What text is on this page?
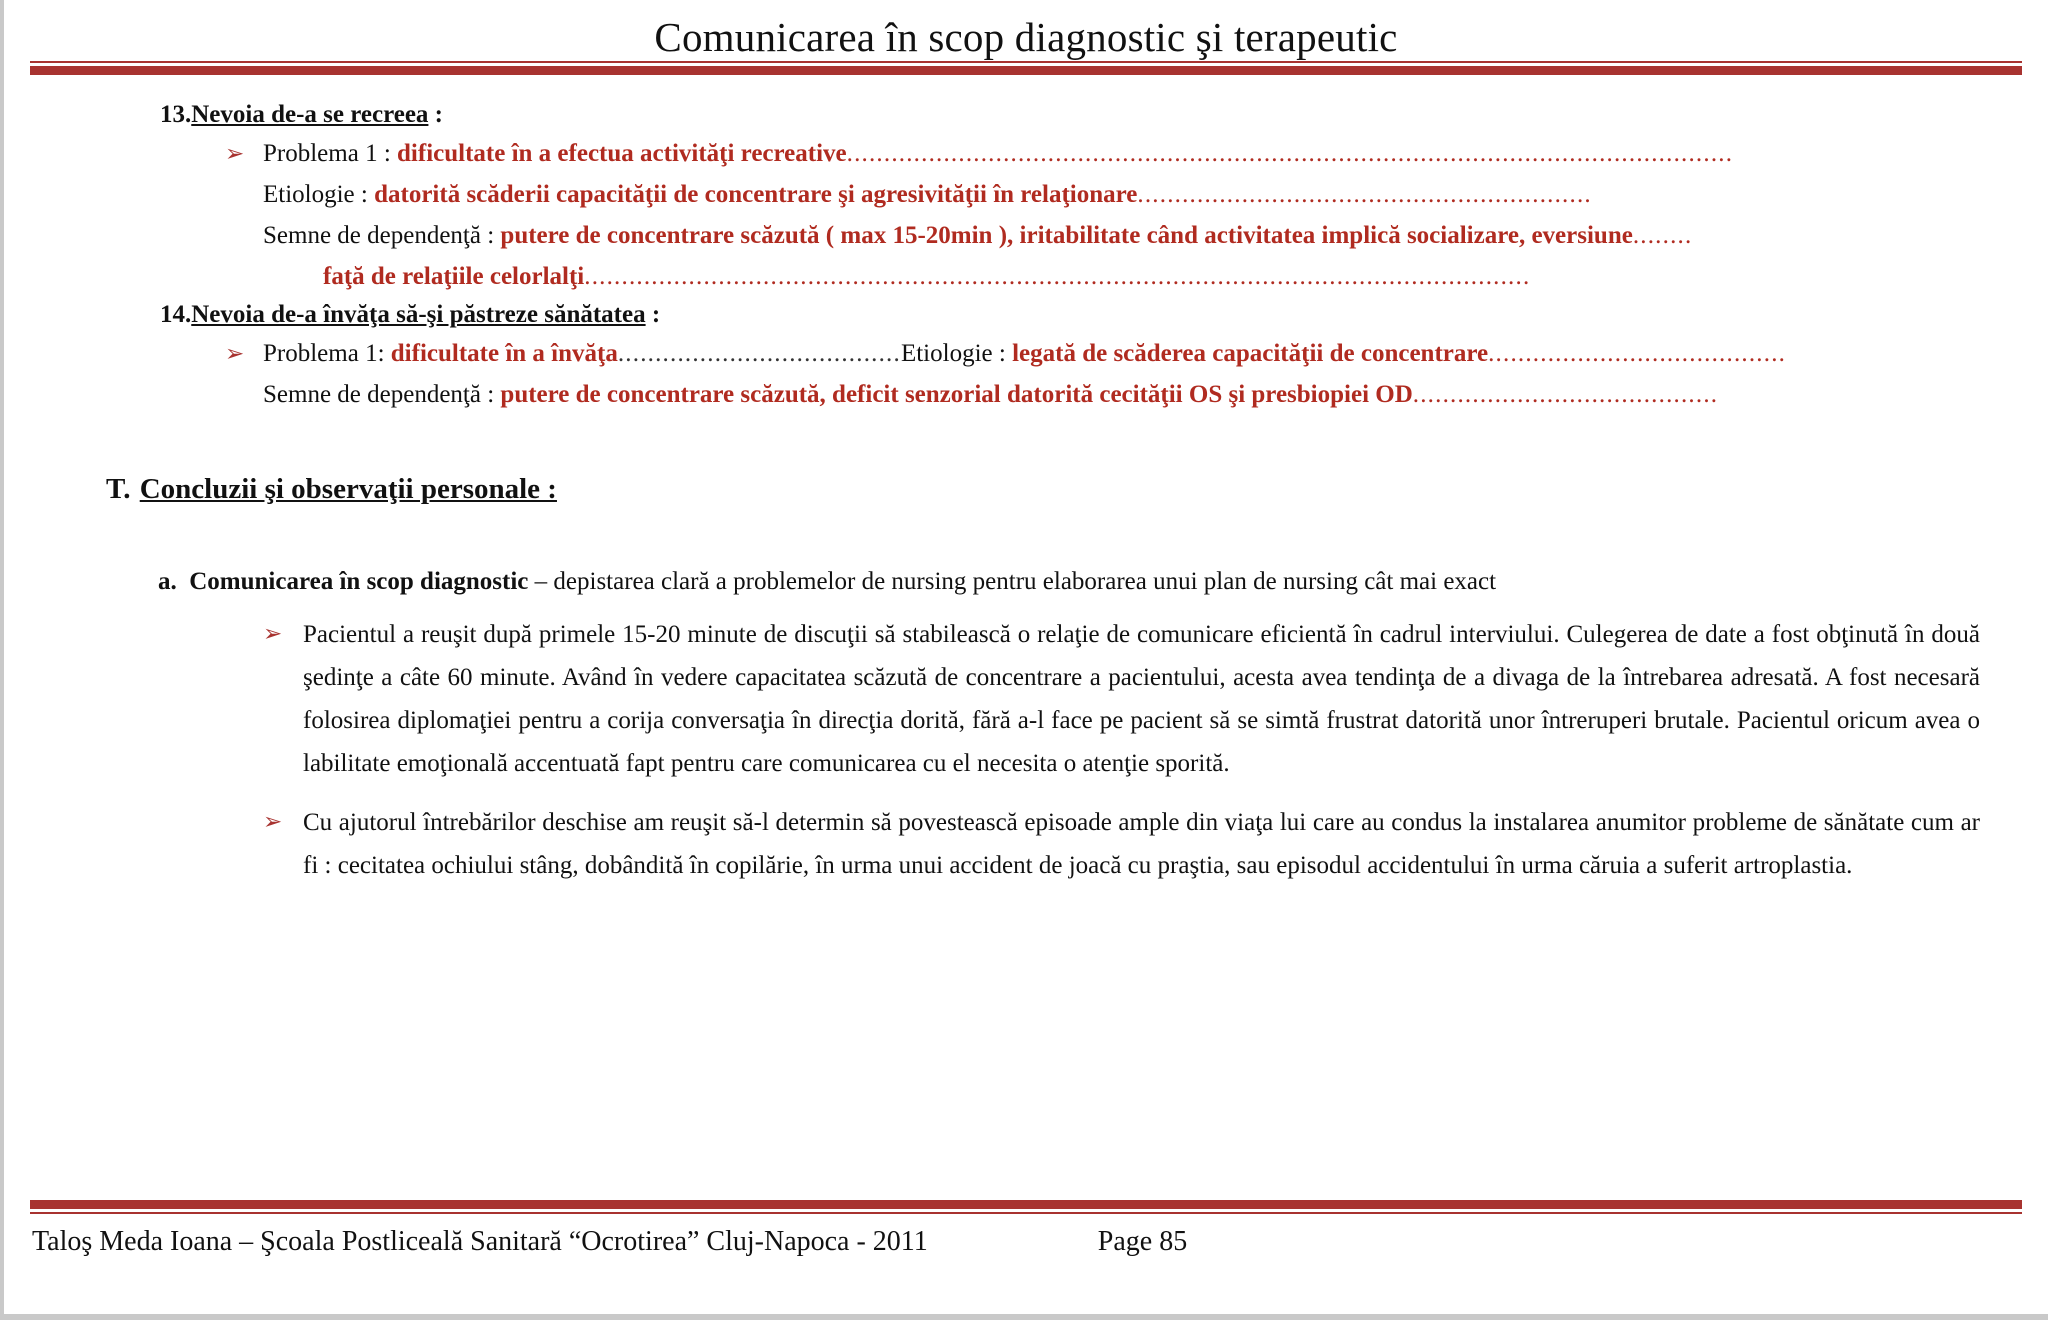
Comunicarea în scop diagnostic şi terapeutic
13.Nevoia de-a se recreea :
➢ Problema 1 : dificultate în a efectua activităţi recreative.......................................................................................................................
Etiologie : datorită scăderii capacităţii de concentrare şi agresivităţii în relaţionare.............................................................
Semne de dependenţă : putere de concentrare scăzută ( max 15-20min ), iritabilitate când activitatea implică socializare, eversiune........
faţă de relaţiile celorlalţi...............................................................................................................................
14.Nevoia de-a învăţa să-şi păstreze sănătatea :
➢ Problema 1: dificultate în a învăţa......................................Etiologie : legată de scăderea capacităţii de concentrare........................................
Semne de dependenţă : putere de concentrare scăzută, deficit senzorial datorită cecităţii OS şi presbiopiei OD.........................................
T. Concluzii şi observaţii personale :
a. Comunicarea în scop diagnostic – depistarea clară a problemelor de nursing pentru elaborarea unui plan de nursing cât mai exact
➢ Pacientul a reuşit după primele 15-20 minute de discuţii să stabilească o relaţie de comunicare eficientă în cadrul interviului. Culegerea de date a fost obţinută în două şedinţe a câte 60 minute. Având în vedere capacitatea scăzută de concentrare a pacientului, acesta avea tendinţa de a divaga de la întrebarea adresată. A fost necesară folosirea diplomaţiei pentru a corija conversaţia în direcţia dorită, fără a-l face pe pacient să se simtă frustrat datorită unor întreruperi brutale. Pacientul oricum avea o labilitate emoţională accentuată fapt pentru care comunicarea cu el necesita o atenţie sporită.
➢ Cu ajutorul întrebărilor deschise am reuşit să-l determin să povestească episoade ample din viaţa lui care au condus la instalarea anumitor probleme de sănătate cum ar fi : cecitatea ochiului stâng, dobândită în copilărie, în urma unui accident de joacă cu praştia, sau episodul accidentului în urma căruia a suferit artroplastia.
Taloş Meda Ioana – Şcoala Postliceală Sanitară “Ocrotirea” Cluj-Napoca - 2011	Page 85
